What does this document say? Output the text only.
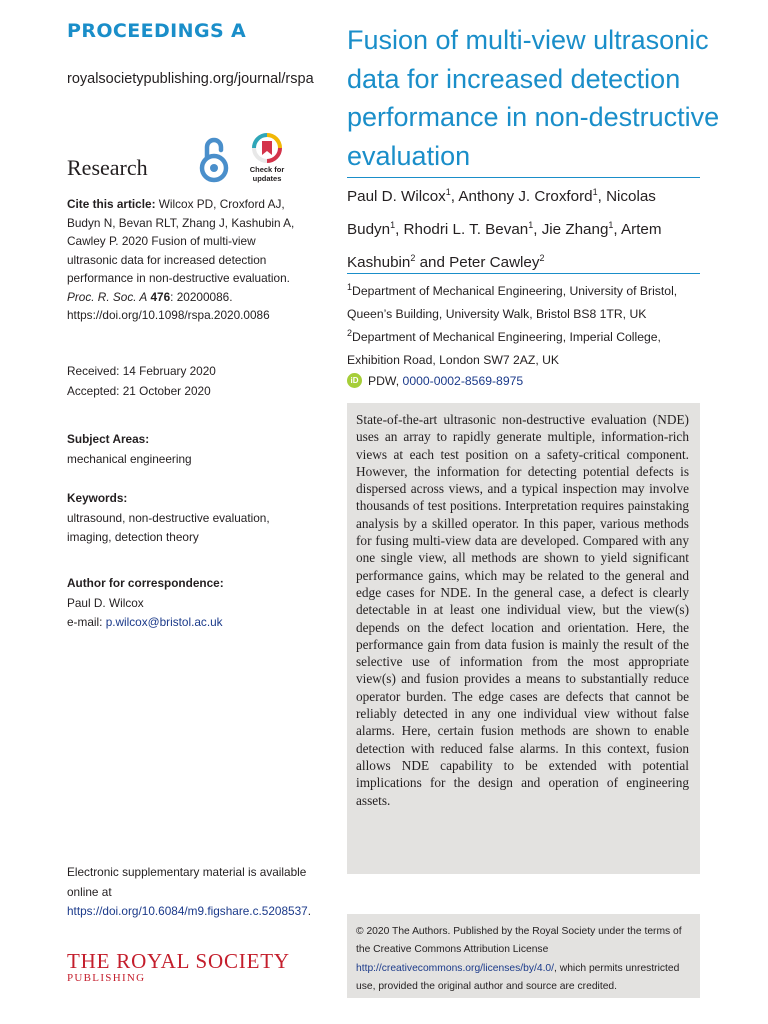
PROCEEDINGS A
royalsocietypublishing.org/journal/rspa
Research	Check for updates
Cite this article: Wilcox PD, Croxford AJ, Budyn N, Bevan RLT, Zhang J, Kashubin A, Cawley P. 2020 Fusion of multi-view ultrasonic data for increased detection performance in non-destructive evaluation. Proc. R. Soc. A 476: 20200086.
https://doi.org/10.1098/rspa.2020.0086
Received: 14 February 2020
Accepted: 21 October 2020
Subject Areas:
mechanical engineering
Keywords:
ultrasound, non-destructive evaluation, imaging, detection theory
Author for correspondence:
Paul D. Wilcox
e-mail: p.wilcox@bristol.ac.uk
Electronic supplementary material is available online at https://doi.org/10.6084/m9.figshare.c.5208537.
THE ROYAL SOCIETY
PUBLISHING
Fusion of multi-view ultrasonic data for increased detection performance in non-destructive evaluation
Paul D. Wilcox$^1$, Anthony J. Croxford$^1$, Nicolas Budyn$^1$, Rhodri L. T. Bevan$^1$, Jie Zhang$^1$, Artem Kashubin$^2$ and Peter Cawley$^2$
$^1$Department of Mechanical Engineering, University of Bristol, Queen’s Building, University Walk, Bristol BS8 1TR, UK
$^2$Department of Mechanical Engineering, Imperial College, Exhibition Road, London SW7 2AZ, UK
iD PDW, 0000-0002-8569-8975

State-of-the-art ultrasonic non-destructive evaluation (NDE) uses an array to rapidly generate multiple, information-rich views at each test position on a safety-critical component. However, the information for detecting potential defects is dispersed across views, and a typical inspection may involve thousands of test positions. Interpretation requires painstaking analysis by a skilled operator. In this paper, various methods for fusing multi-view data are developed. Compared with any one single view, all methods are shown to yield significant performance gains, which may be related to the general and edge cases for NDE. In the general case, a defect is clearly detectable in at least one individual view, but the view(s) depends on the defect location and orientation. Here, the performance gain from data fusion is mainly the result of the selective use of information from the most appropriate view(s) and fusion provides a means to substantially reduce operator burden. The edge cases are defects that cannot be reliably detected in any one individual view without false alarms. Here, certain fusion methods are shown to enable detection with reduced false alarms. In this context, fusion allows NDE capability to be extended with potential implications for the design and operation of engineering assets.

© 2020 The Authors. Published by the Royal Society under the terms of the Creative Commons Attribution License http://creativecommons.org/licenses/by/4.0/, which permits unrestricted use, provided the original author and source are credited.
